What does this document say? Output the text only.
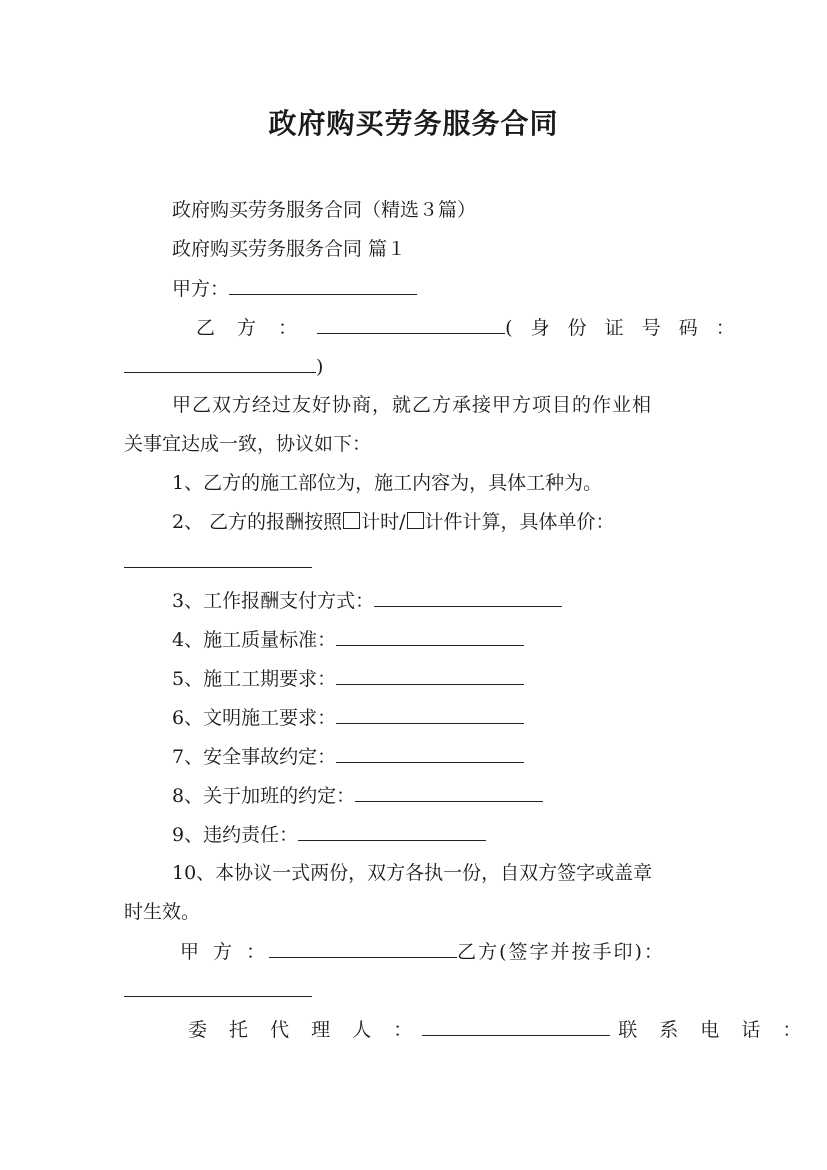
政府购买劳务服务合同
政府购买劳务服务合同（精选３篇）
政府购买劳务服务合同 篇１
甲方：
乙 方 ：	( 身 份 证 号 码 ：
)
甲乙双方经过友好协商，就乙方承接甲方项目的作业相
关事宜达成一致，协议如下：
1、乙方的施工部位为，施工内容为，具体工种为。
2、 乙方的报酬按照 计时/ 计件计算，具体单价：
3、工作报酬支付方式：
4、施工质量标准：
5、施工工期要求：
6、文明施工要求：
7、安全事故约定：
8、关于加班的约定：
9、违约责任：
10、本协议一式两份，双方各执一份，自双方签字或盖章
时生效。
甲 方 ：	乙方(签字并按手印)：
委 托 代 理 人 ：	联 系 电 话 ：
